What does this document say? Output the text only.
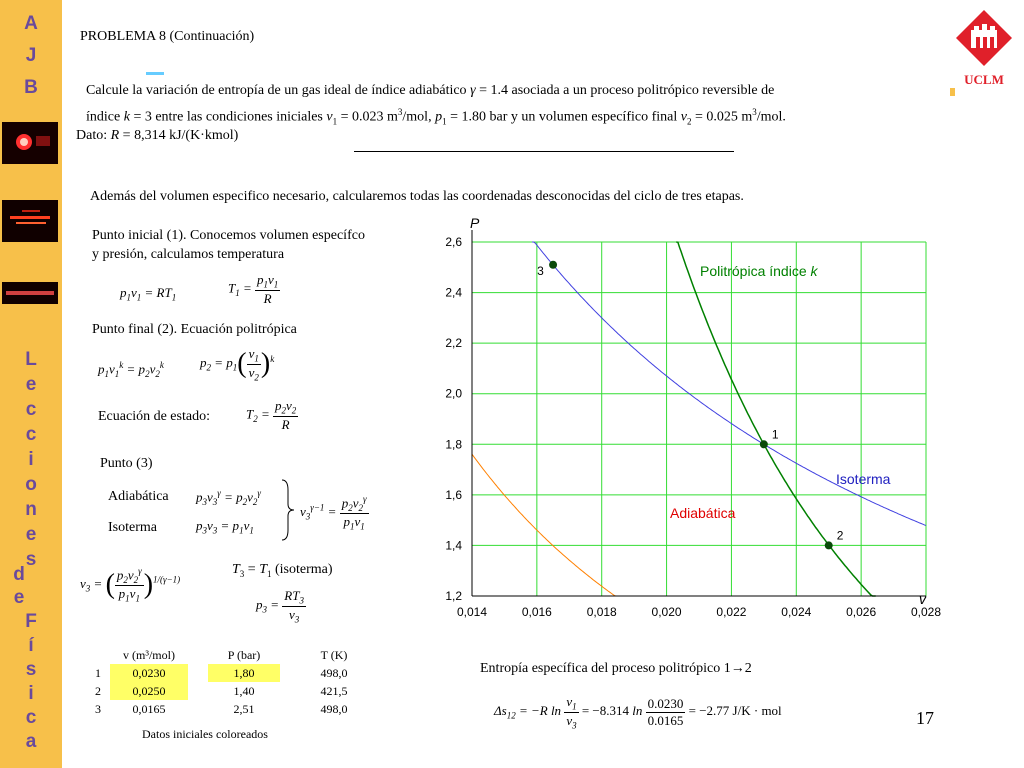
A
J
B
L
e
c
c
i
o
n
e
s
d
e
F
í
s
i
c
a
PROBLEMA 8 (Continuación)
UCLM
Calcule la variación de entropía de un gas ideal de índice adiabático γ = 1.4 asociada a un proceso politrópico reversible de
índice k = 3 entre las condiciones iniciales $v_1 = 0.023$ $m^3$/mol, $p_1 = 1.80$ bar y un volumen específico final $v_2 = 0.025$ $m^3$/mol.
Dato: R = 8,314 kJ/(K·kmol)
Además del volumen especifico necesario, calcularemos todas las coordenadas desconocidas del ciclo de tres etapas.
Punto inicial (1). Conocemos volumen específco
y presión, calculamos temperatura
$p_1v_1 = RT_1$
$T_1 = \frac{p_1v_1}{R}$
Punto final (2). Ecuación politrópica
$p_1v_1^k = p_2v_2^k$	$p_2 = p_1( \frac{v_1}{v_2} )^k$
Ecuación de estado:	$T_2 = \frac{p_2v_2}{R}$
Punto (3)
Adiabática $p_3v_3^\gamma = p_2v_2^\gamma$
Isoterma	$p_3v_3 = p_1v_1$
$v_3^{\gamma-1} = \frac{p_2v_2^\gamma}{p_1v_1}$
$v_3$ = ( $\frac{p_2v_2^\gamma}{p_1v_1} )^{1/(\gamma-1)}$
$T_3 = T_1$ (isoterma)
$p_3 = \frac{RT_3}{v_3}$
	v (m³/mol)		P (bar)		T (K)
1	0,0230		1,80		498,0
2	0,0250		1,40		421,5
3	0,0165		2,51		498,0
Datos iniciales coloreados
Entropía específica del proceso politrópico 1→2
$\Delta s_{12} = -R$ $\ln \frac{v_1}{v_3} = -8.314$ $\ln \frac{0.0230}{0.0165} = -2.77$ J/K · mol	17
0,014	0,016	0,018	0,020	0,022	0,024	0,026	0,028
1,2
1,4
1,6
1,8
2,0
2,2
2,4
2,6
1
2
3
P
v
Politrópica índice k
Isoterma
Adiabática
